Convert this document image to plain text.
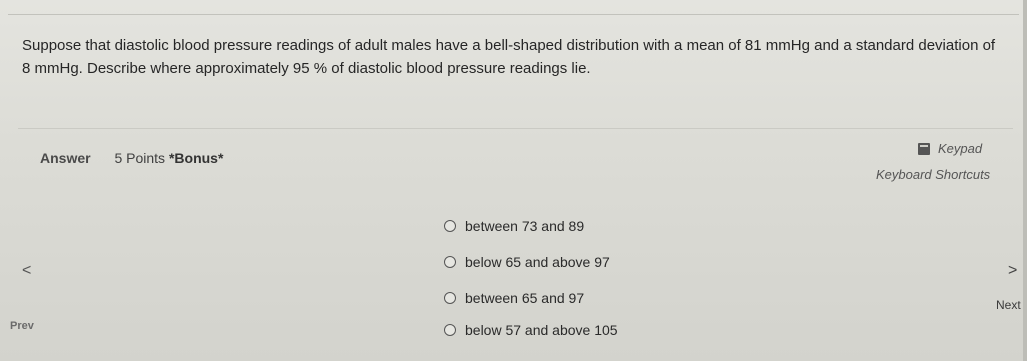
Suppose that diastolic blood pressure readings of adult males have a bell-shaped distribution with a mean of 81 mmHg and a standard deviation of 8 mmHg. Describe where approximately 95 % of diastolic blood pressure readings lie.
Answer 5 Points *Bonus*
Keypad
Keyboard Shortcuts
between 73 and 89
below 65 and above 97
between 65 and 97
below 57 and above 105
<
Prev
>
Next
